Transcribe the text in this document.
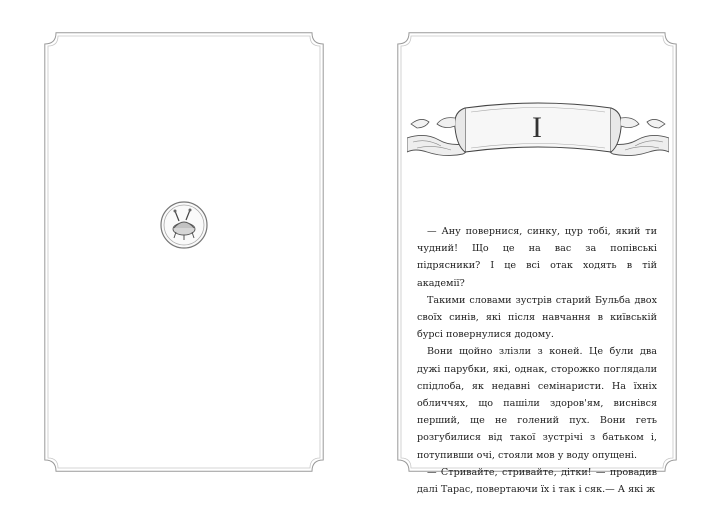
I

— Ану повернися, синку, цур тобі, який ти чудний! Що це на вас за попівські підрясники? І це всі отак ходять в тій академії?

Такими словами зустрів старий Бульба двох своїх синів, які після навчання в київській бурсі повернулися додому.

Вони щойно злізли з коней. Це були два дужі парубки, які, однак, сторожко поглядали спідлоба, як недавні семінаристи. На їхніх обличчях, що пашіли здоров'ям, виснівся перший, ще не голений пух. Вони геть розгубилися від такої зустрічі з батьком і, потупивши очі, стояли мов у воду опущені.

— Стривайте, стривайте, дітки! — провадив далі Тарас, повертаючи їх і так і сяк.— А які ж
